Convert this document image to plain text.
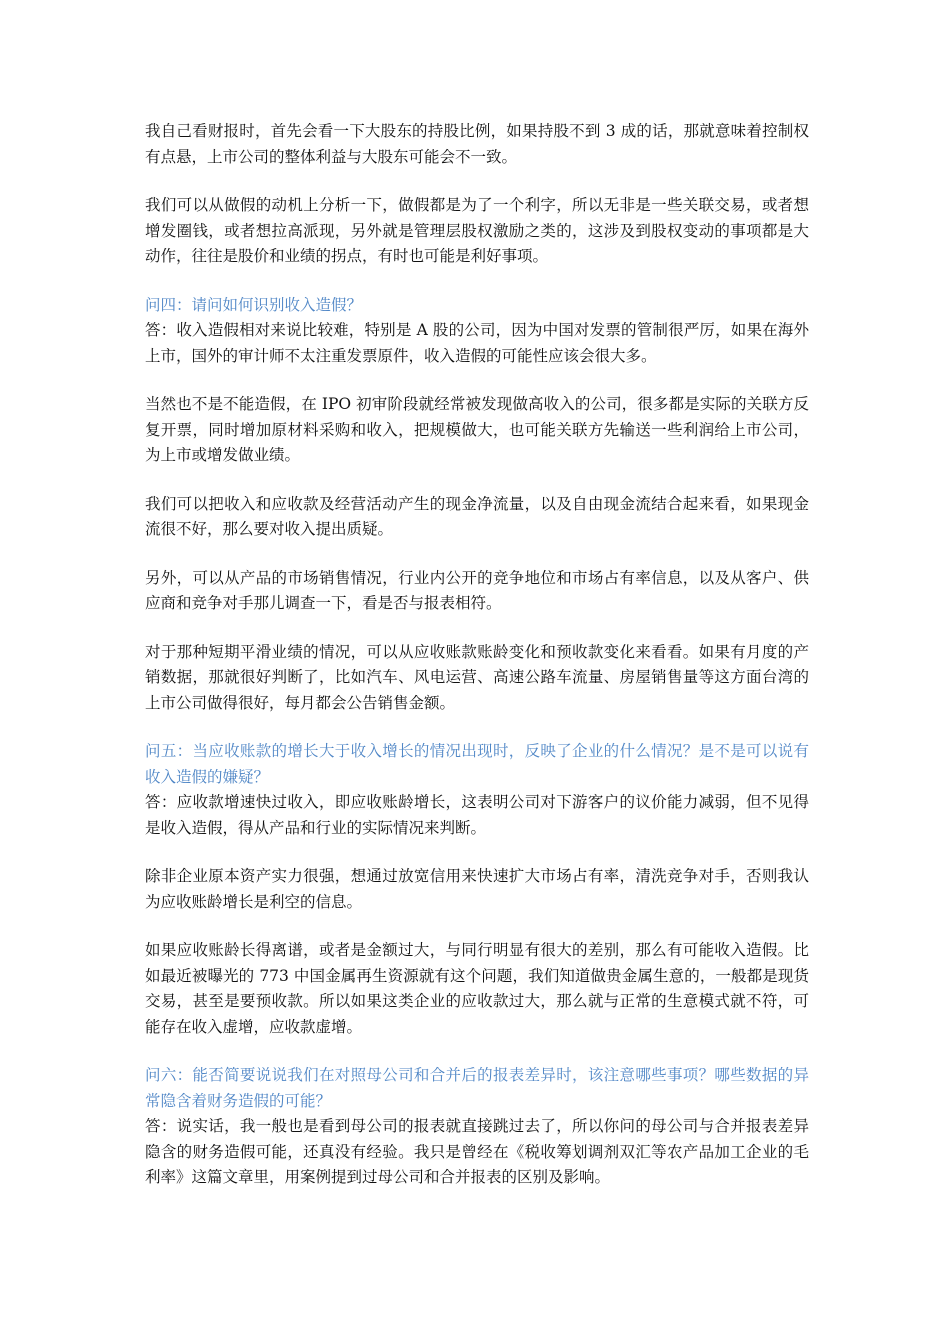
我自己看财报时，首先会看一下大股东的持股比例，如果持股不到 3 成的话，那就意味着控制权有点悬，上市公司的整体利益与大股东可能会不一致。

我们可以从做假的动机上分析一下，做假都是为了一个利字，所以无非是一些关联交易，或者想增发圈钱，或者想拉高派现，另外就是管理层股权激励之类的，这涉及到股权变动的事项都是大动作，往往是股价和业绩的拐点，有时也可能是利好事项。

问四：请问如何识别收入造假？

答：收入造假相对来说比较难，特别是 A 股的公司，因为中国对发票的管制很严厉，如果在海外上市，国外的审计师不太注重发票原件，收入造假的可能性应该会很大多。

当然也不是不能造假，在 IPO 初审阶段就经常被发现做高收入的公司，很多都是实际的关联方反复开票，同时增加原材料采购和收入，把规模做大，也可能关联方先输送一些利润给上市公司，为上市或增发做业绩。

我们可以把收入和应收款及经营活动产生的现金净流量，以及自由现金流结合起来看，如果现金流很不好，那么要对收入提出质疑。

另外，可以从产品的市场销售情况，行业内公开的竞争地位和市场占有率信息，以及从客户、供应商和竞争对手那儿调查一下，看是否与报表相符。

对于那种短期平滑业绩的情况，可以从应收账款账龄变化和预收款变化来看看。如果有月度的产销数据，那就很好判断了，比如汽车、风电运营、高速公路车流量、房屋销售量等这方面台湾的上市公司做得很好，每月都会公告销售金额。

问五：当应收账款的增长大于收入增长的情况出现时，反映了企业的什么情况？是不是可以说有收入造假的嫌疑？

答：应收款增速快过收入，即应收账龄增长，这表明公司对下游客户的议价能力减弱，但不见得是收入造假，得从产品和行业的实际情况来判断。

除非企业原本资产实力很强，想通过放宽信用来快速扩大市场占有率，清洗竞争对手，否则我认为应收账龄增长是利空的信息。

如果应收账龄长得离谱，或者是金额过大，与同行明显有很大的差别，那么有可能收入造假。比如最近被曝光的 773 中国金属再生资源就有这个问题，我们知道做贵金属生意的，一般都是现货交易，甚至是要预收款。所以如果这类企业的应收款过大，那么就与正常的生意模式就不符，可能存在收入虚增，应收款虚增。

问六：能否简要说说我们在对照母公司和合并后的报表差异时，该注意哪些事项？哪些数据的异常隐含着财务造假的可能？

答：说实话，我一般也是看到母公司的报表就直接跳过去了，所以你问的母公司与合并报表差异隐含的财务造假可能，还真没有经验。我只是曾经在《税收筹划调剂双汇等农产品加工企业的毛利率》这篇文章里，用案例提到过母公司和合并报表的区别及影响。
